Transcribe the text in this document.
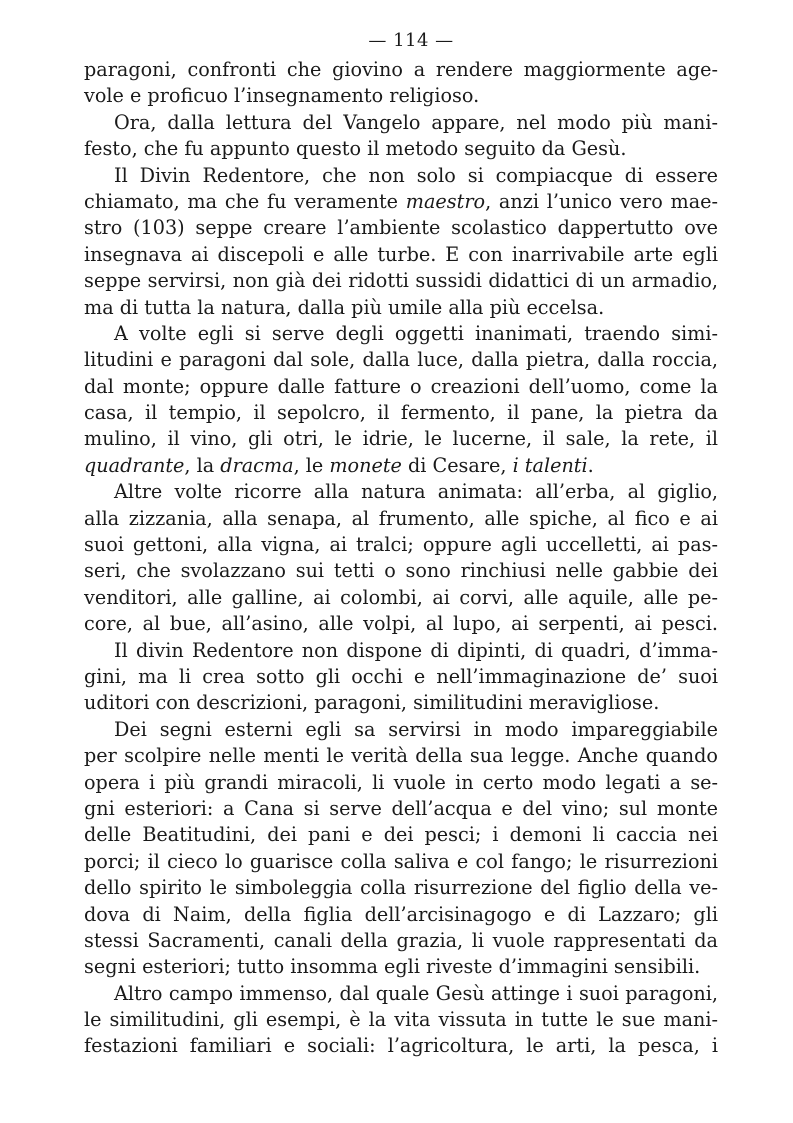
— 114 —
paragoni, confronti che giovino a rendere maggiormente age-
vole e proficuo l’insegnamento religioso.
Ora, dalla lettura del Vangelo appare, nel modo più mani-
festo, che fu appunto questo il metodo seguito da Gesù.
Il Divin Redentore, che non solo si compiacque di essere
chiamato, ma che fu veramente maestro, anzi l’unico vero mae-
stro (103) seppe creare l’ambiente scolastico dappertutto ove
insegnava ai discepoli e alle turbe. E con inarrivabile arte egli
seppe servirsi, non già dei ridotti sussidi didattici di un armadio,
ma di tutta la natura, dalla più umile alla più eccelsa.
A volte egli si serve degli oggetti inanimati, traendo simi-
litudini e paragoni dal sole, dalla luce, dalla pietra, dalla roccia,
dal monte; oppure dalle fatture o creazioni dell’uomo, come la
casa, il tempio, il sepolcro, il fermento, il pane, la pietra da
mulino, il vino, gli otri, le idrie, le lucerne, il sale, la rete, il
quadrante, la dracma, le monete di Cesare, i talenti.
Altre volte ricorre alla natura animata: all’erba, al giglio,
alla zizzania, alla senapa, al frumento, alle spiche, al fico e ai
suoi gettoni, alla vigna, ai tralci; oppure agli uccelletti, ai pas-
seri, che svolazzano sui tetti o sono rinchiusi nelle gabbie dei
venditori, alle galline, ai colombi, ai corvi, alle aquile, alle pe-
core, al bue, all’asino, alle volpi, al lupo, ai serpenti, ai pesci.
Il divin Redentore non dispone di dipinti, di quadri, d’imma-
gini, ma li crea sotto gli occhi e nell’immaginazione de’ suoi
uditori con descrizioni, paragoni, similitudini meravigliose.
Dei segni esterni egli sa servirsi in modo impareggiabile
per scolpire nelle menti le verità della sua legge. Anche quando
opera i più grandi miracoli, li vuole in certo modo legati a se-
gni esteriori: a Cana si serve dell’acqua e del vino; sul monte
delle Beatitudini, dei pani e dei pesci; i demoni li caccia nei
porci; il cieco lo guarisce colla saliva e col fango; le risurrezioni
dello spirito le simboleggia colla risurrezione del figlio della ve-
dova di Naim, della figlia dell’arcisinagogo e di Lazzaro; gli
stessi Sacramenti, canali della grazia, li vuole rappresentati da
segni esteriori; tutto insomma egli riveste d’immagini sensibili.
Altro campo immenso, dal quale Gesù attinge i suoi paragoni,
le similitudini, gli esempi, è la vita vissuta in tutte le sue mani-
festazioni familiari e sociali: l’agricoltura, le arti, la pesca, i
